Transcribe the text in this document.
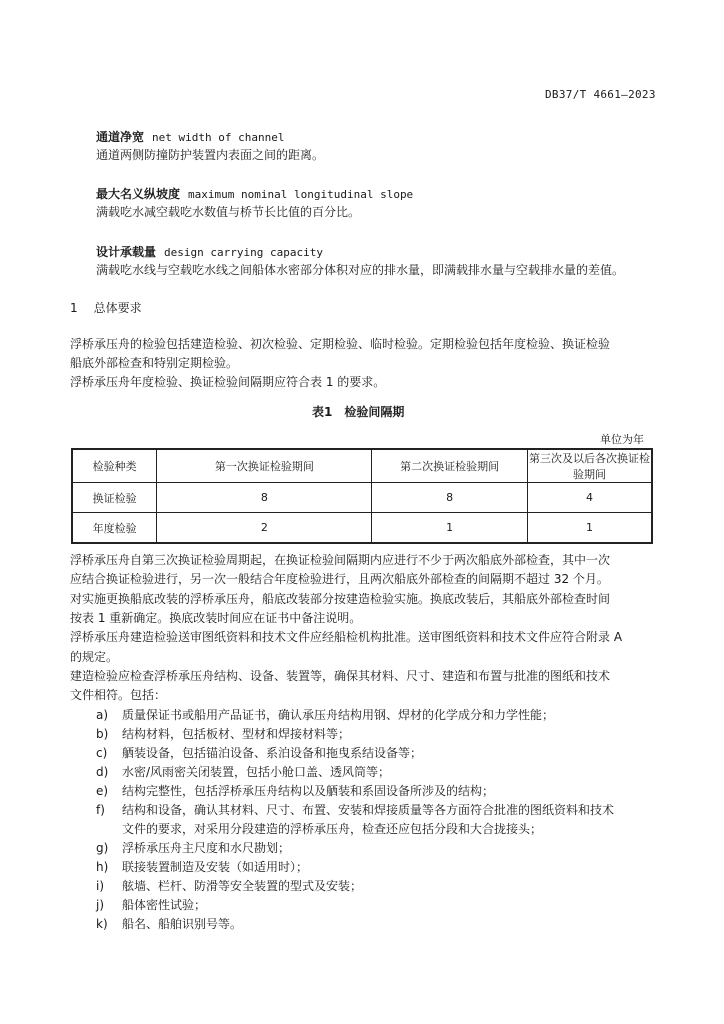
DB37/T 4661—2023
通道净宽 net width of channel
通道两侧防撞防护装置内表面之间的距离。
最大名义纵坡度 maximum nominal longitudinal slope
满载吃水减空载吃水数值与桥节长比值的百分比。
设计承载量 design carrying capacity
满载吃水线与空载吃水线之间船体水密部分体积对应的排水量，即满载排水量与空载排水量的差值。
1 总体要求
浮桥承压舟的检验包括建造检验、初次检验、定期检验、临时检验。定期检验包括年度检验、换证检验
船底外部检查和特别定期检验。
浮桥承压舟年度检验、换证检验间隔期应符合表 1 的要求。
表1　检验间隔期
单位为年
检验种类	第一次换证检验期间	第二次换证检验期间	第三次及以后各次换证检验期间
换证检验	8	8	4
年度检验	2	1	1
浮桥承压舟自第三次换证检验周期起，在换证检验间隔期内应进行不少于两次船底外部检查，其中一次
应结合换证检验进行，另一次一般结合年度检验进行，且两次船底外部检查的间隔期不超过 32 个月。
对实施更换船底改装的浮桥承压舟，船底改装部分按建造检验实施。换底改装后，其船底外部检查时间
按表 1 重新确定。换底改装时间应在证书中备注说明。
浮桥承压舟建造检验送审图纸资料和技术文件应经船检机构批准。送审图纸资料和技术文件应符合附录 A
的规定。
建造检验应检查浮桥承压舟结构、设备、装置等，确保其材料、尺寸、建造和布置与批准的图纸和技术
文件相符。包括：
a) 质量保证书或船用产品证书，确认承压舟结构用钢、焊材的化学成分和力学性能；
b) 结构材料，包括板材、型材和焊接材料等；
c) 舾装设备，包括锚泊设备、系泊设备和拖曳系结设备等；
d) 水密/风雨密关闭装置，包括小舱口盖、透风筒等；
e) 结构完整性，包括浮桥承压舟结构以及舾装和系固设备所涉及的结构；
f) 结构和设备，确认其材料、尺寸、布置、安装和焊接质量等各方面符合批准的图纸资料和技术
文件的要求，对采用分段建造的浮桥承压舟，检查还应包括分段和大合拢接头；
g) 浮桥承压舟主尺度和水尺勘划；
h) 联接装置制造及安装（如适用时）；
i) 舷墙、栏杆、防滑等安全装置的型式及安装；
j) 船体密性试验；
k) 船名、船舶识别号等。
